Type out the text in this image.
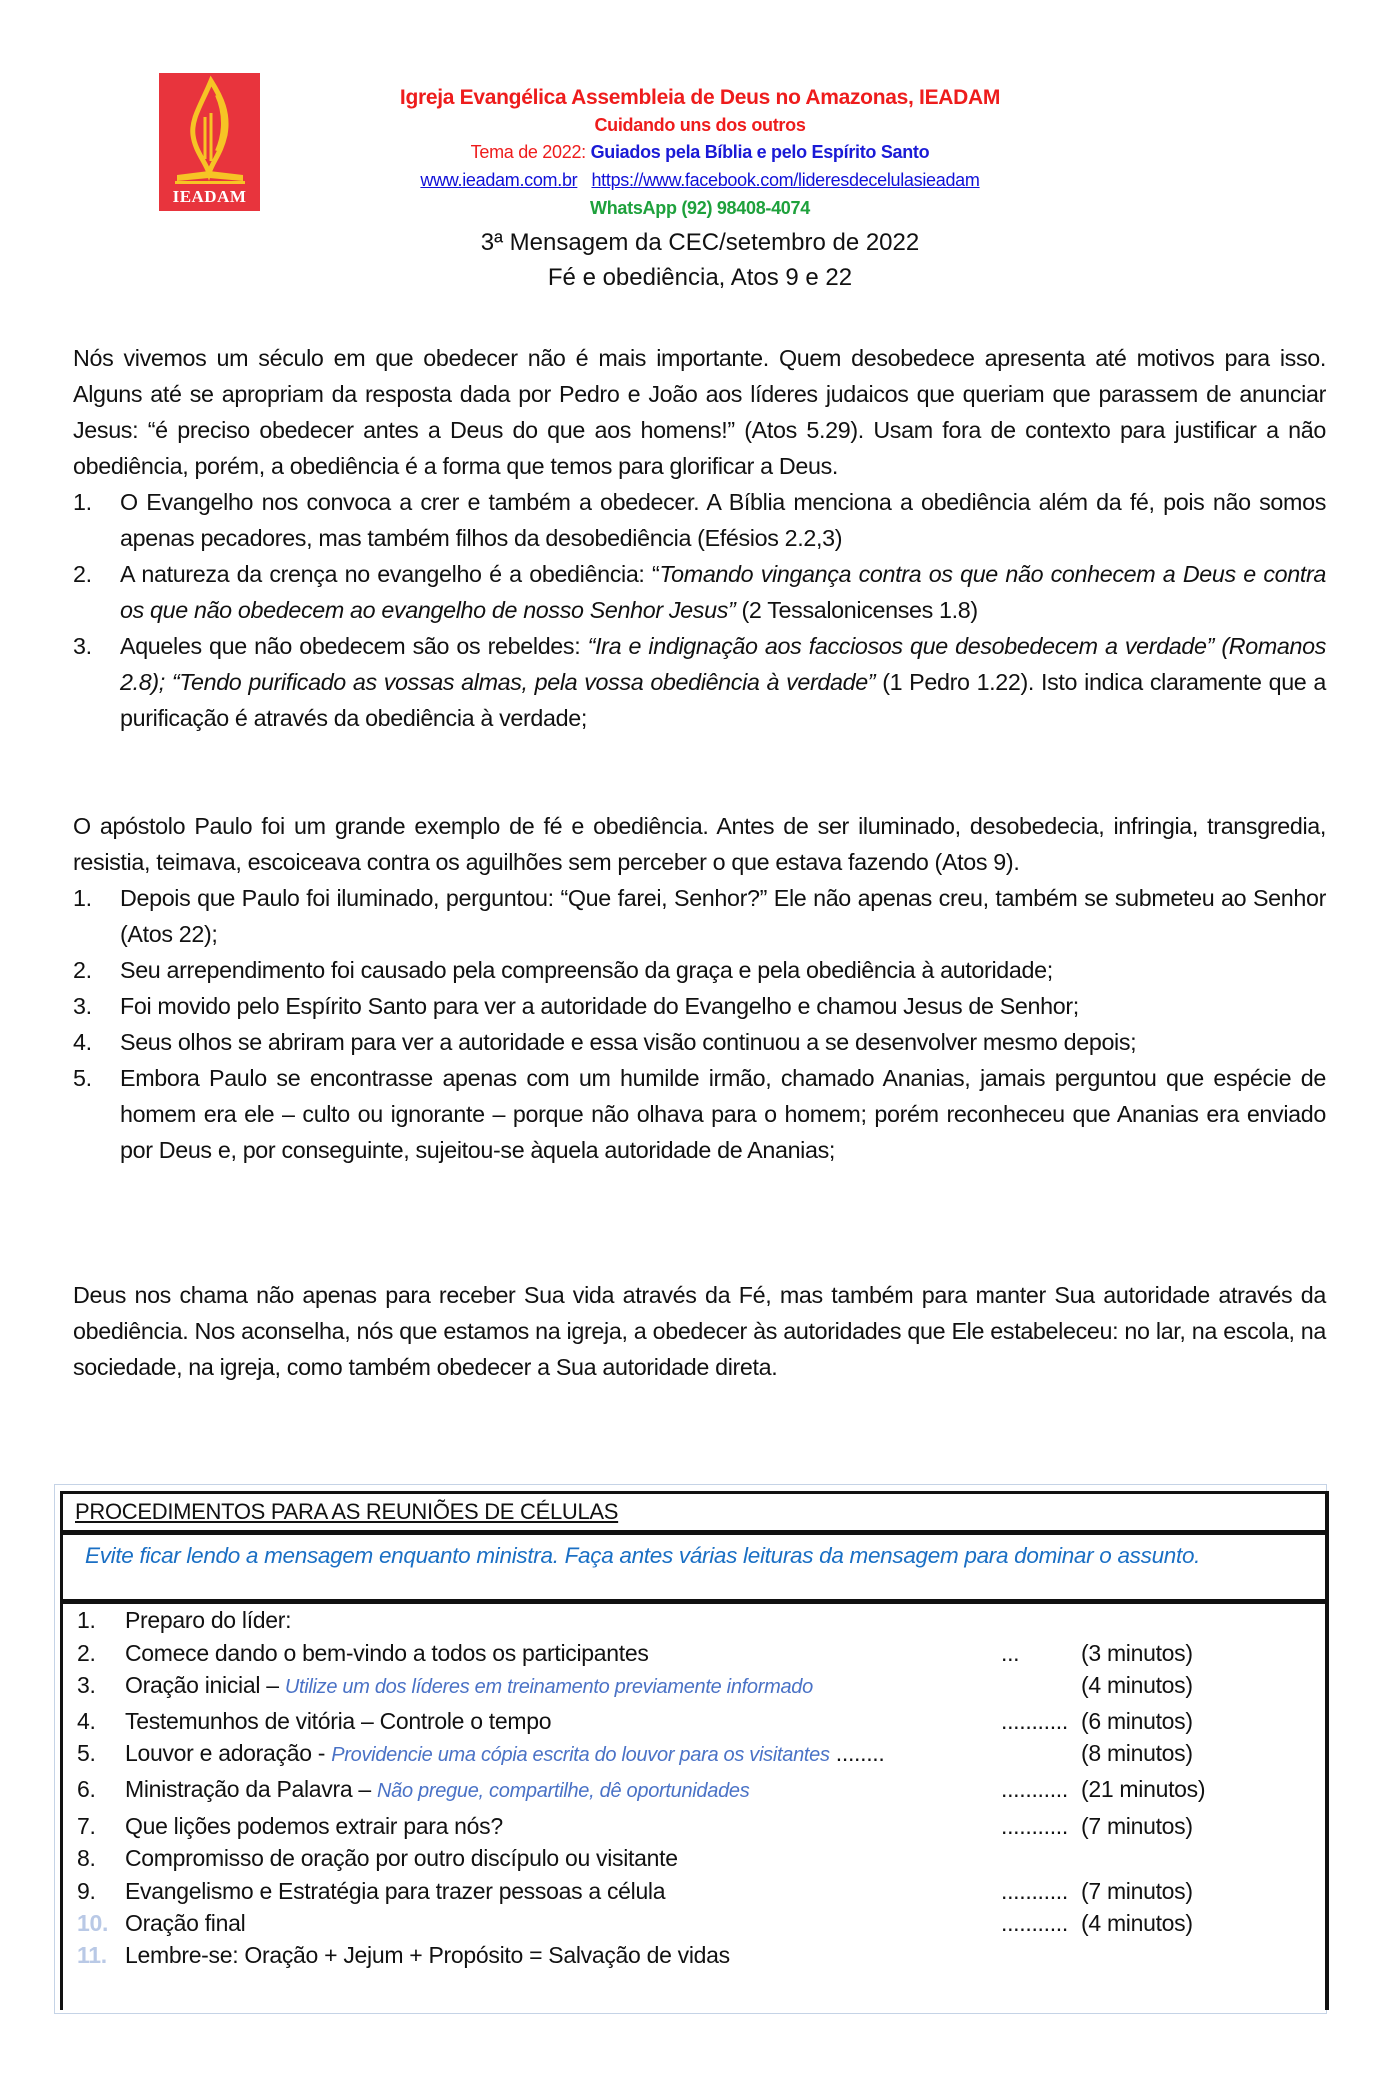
IEADAM
Igreja Evangélica Assembleia de Deus no Amazonas, IEADAM
Cuidando uns dos outros
Tema de 2022: Guiados pela Bíblia e pelo Espírito Santo
www.ieadam.com.br https://www.facebook.com/lideresdecelulasieadam
WhatsApp (92) 98408-4074
3ª Mensagem da CEC/setembro de 2022
Fé e obediência, Atos 9 e 22

Nós vivemos um século em que obedecer não é mais importante. Quem desobedece apresenta até motivos para isso. Alguns até se apropriam da resposta dada por Pedro e João aos líderes judaicos que queriam que parassem de anunciar Jesus: “é preciso obedecer antes a Deus do que aos homens!” (Atos 5.29). Usam fora de contexto para justificar a não obediência, porém, a obediência é a forma que temos para glorificar a Deus.

1. O Evangelho nos convoca a crer e também a obedecer. A Bíblia menciona a obediência além da fé, pois não somos apenas pecadores, mas também filhos da desobediência (Efésios 2.2,3)
2. A natureza da crença no evangelho é a obediência: “Tomando vingança contra os que não conhecem a Deus e contra os que não obedecem ao evangelho de nosso Senhor Jesus” (2 Tessalonicenses 1.8)
3. Aqueles que não obedecem são os rebeldes: “Ira e indignação aos facciosos que desobedecem a verdade” (Romanos 2.8); “Tendo purificado as vossas almas, pela vossa obediência à verdade” (1 Pedro 1.22). Isto indica claramente que a purificação é através da obediência à verdade;

O apóstolo Paulo foi um grande exemplo de fé e obediência. Antes de ser iluminado, desobedecia, infringia, transgredia, resistia, teimava, escoiceava contra os aguilhões sem perceber o que estava fazendo (Atos 9).

1. Depois que Paulo foi iluminado, perguntou: “Que farei, Senhor?” Ele não apenas creu, também se submeteu ao Senhor (Atos 22);
2. Seu arrependimento foi causado pela compreensão da graça e pela obediência à autoridade;
3. Foi movido pelo Espírito Santo para ver a autoridade do Evangelho e chamou Jesus de Senhor;
4. Seus olhos se abriram para ver a autoridade e essa visão continuou a se desenvolver mesmo depois;
5. Embora Paulo se encontrasse apenas com um humilde irmão, chamado Ananias, jamais perguntou que espécie de homem era ele – culto ou ignorante – porque não olhava para o homem; porém reconheceu que Ananias era enviado por Deus e, por conseguinte, sujeitou-se àquela autoridade de Ananias;

Deus nos chama não apenas para receber Sua vida através da Fé, mas também para manter Sua autoridade através da obediência. Nos aconselha, nós que estamos na igreja, a obedecer às autoridades que Ele estabeleceu: no lar, na escola, na sociedade, na igreja, como também obedecer a Sua autoridade direta.

PROCEDIMENTOS PARA AS REUNIÕES DE CÉLULAS
Evite ficar lendo a mensagem enquanto ministra. Faça antes várias leituras da mensagem para dominar o assunto.
1. Preparo do líder:
2. Comece dando o bem-vindo a todos os participantes	...	(3 minutos)
3. Oração inicial – Utilize um dos líderes em treinamento previamente informado	(4 minutos)
4. Testemunhos de vitória – Controle o tempo	........... (6 minutos)
5. Louvor e adoração - Providencie uma cópia escrita do louvor para os visitantes ........	(8 minutos)
6. Ministração da Palavra – Não pregue, compartilhe, dê oportunidades	........... (21 minutos)
7. Que lições podemos extrair para nós?	........... (7 minutos)
8. Compromisso de oração por outro discípulo ou visitante
9. Evangelismo e Estratégia para trazer pessoas a célula	........... (7 minutos)
10. Oração final	........... (4 minutos)
11. Lembre-se: Oração + Jejum + Propósito = Salvação de vidas
